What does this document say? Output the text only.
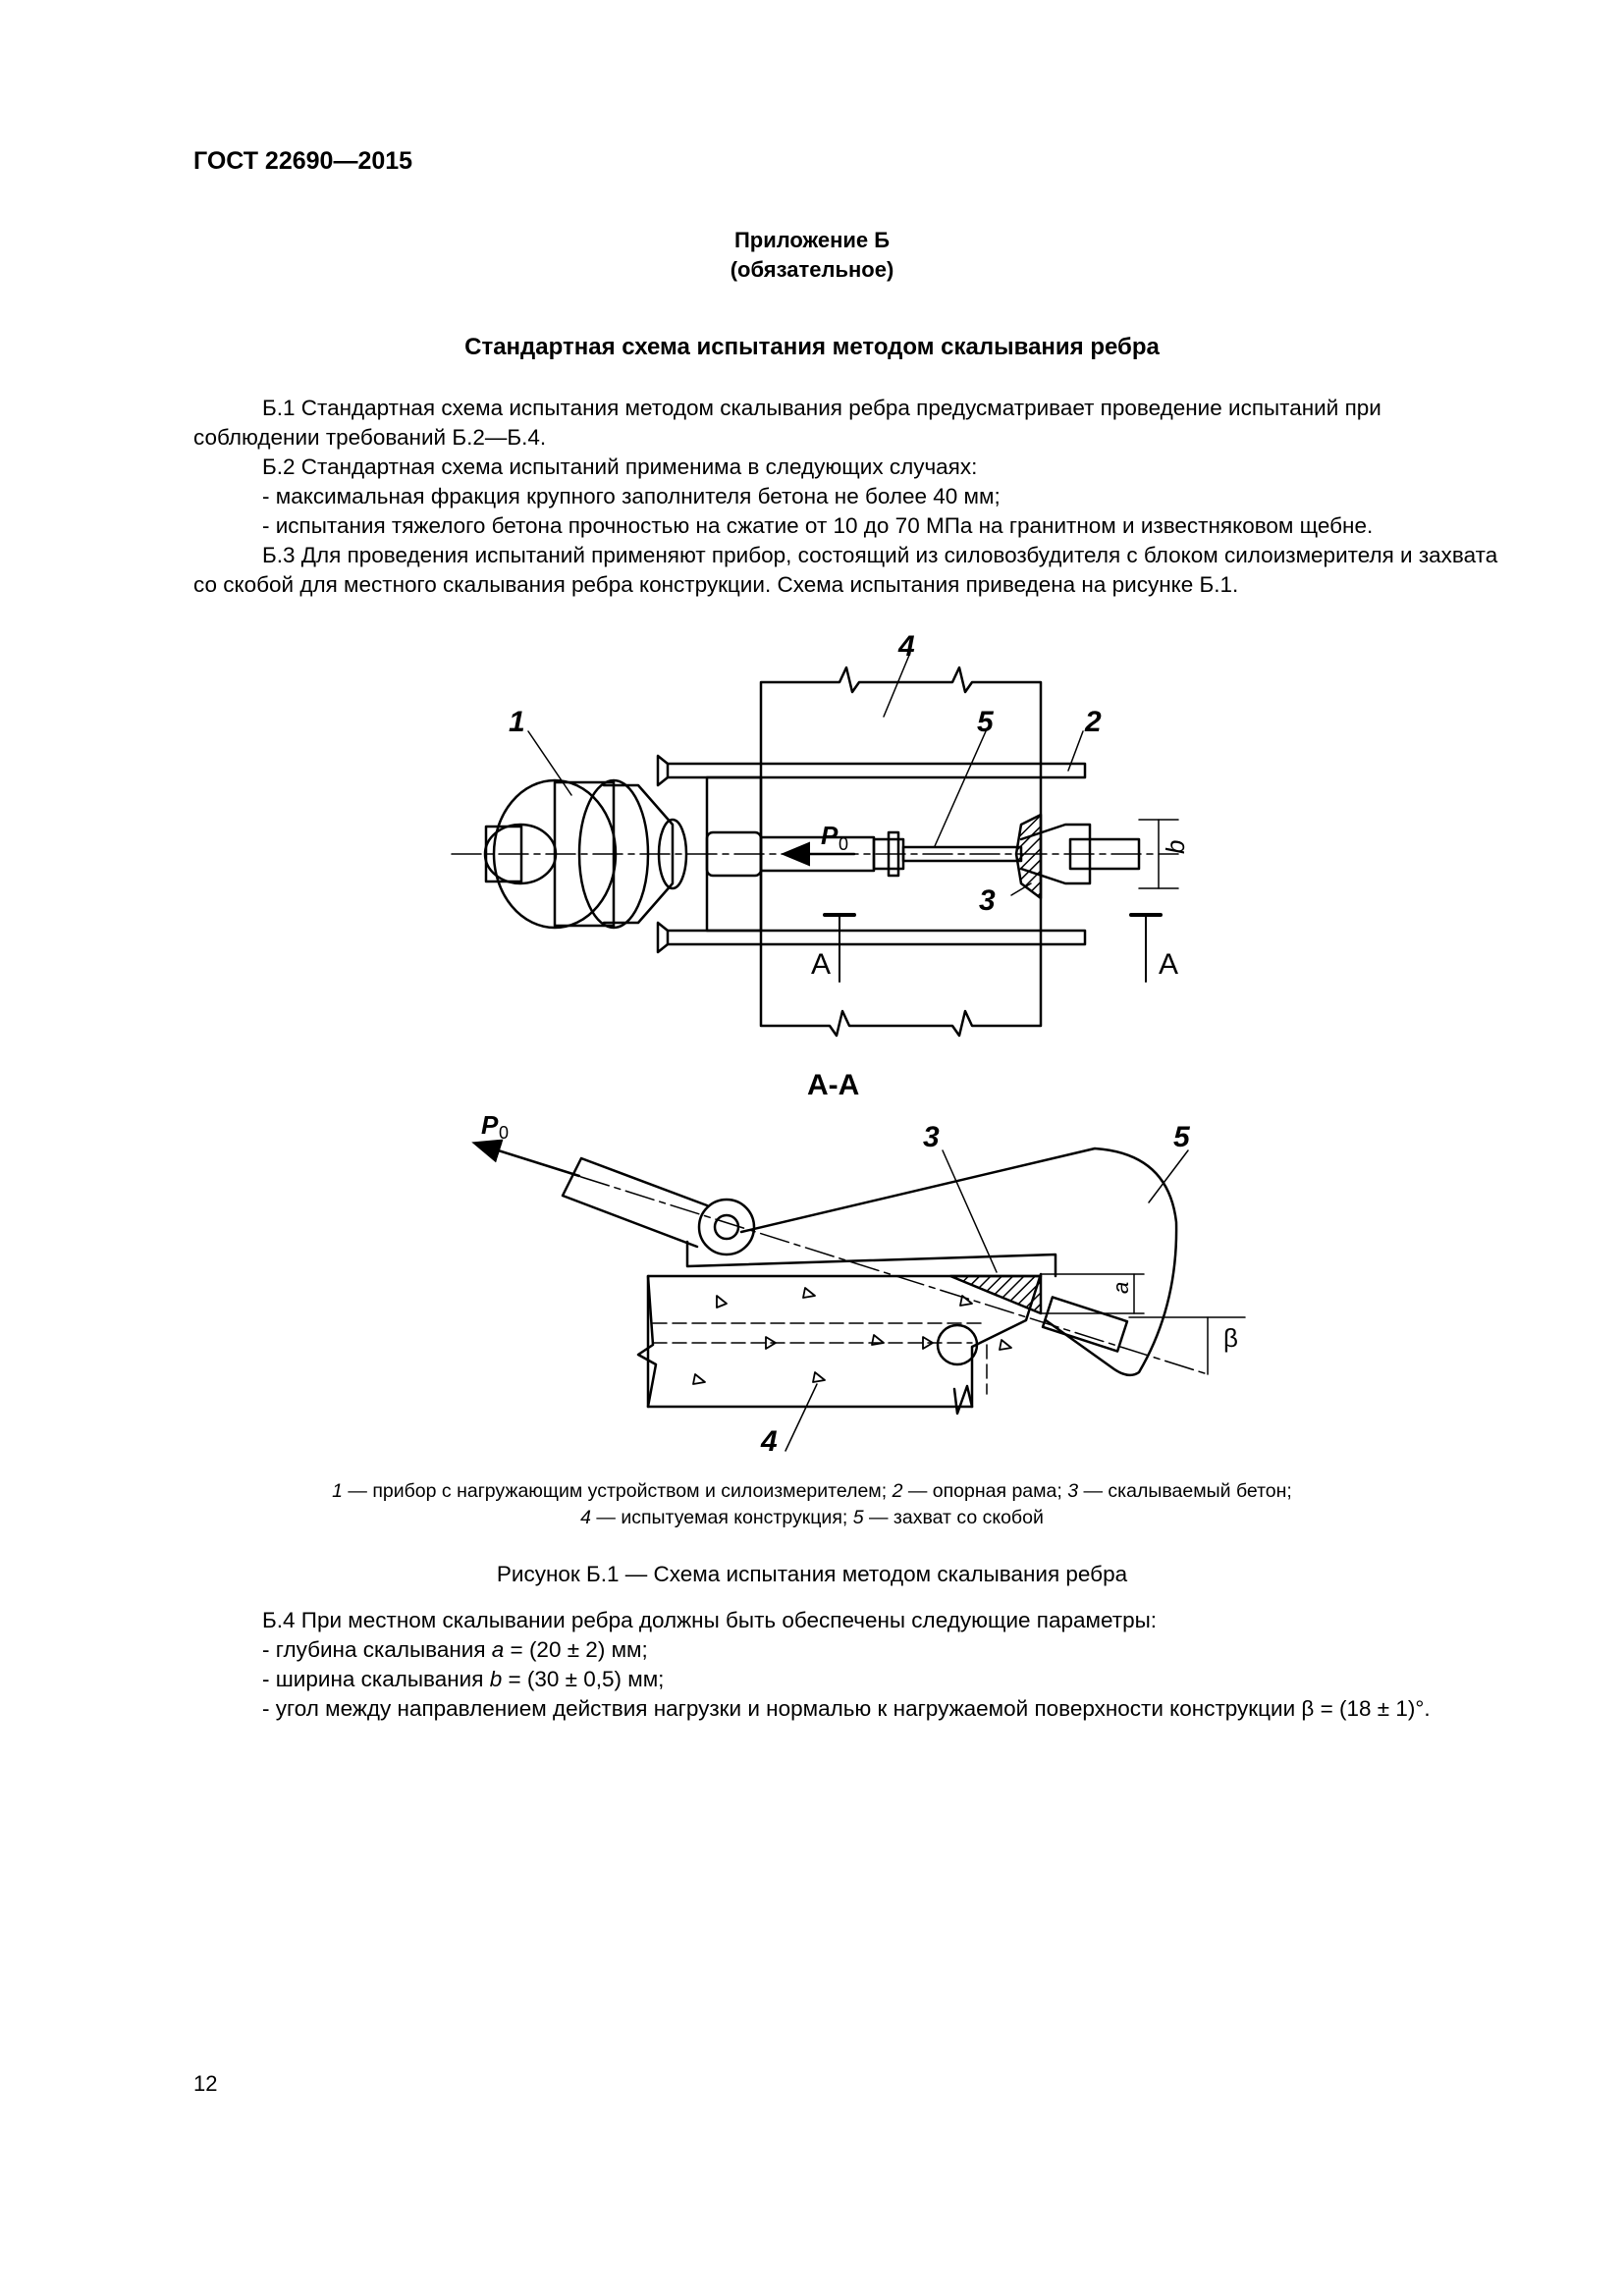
ГОСТ 22690—2015
Приложение Б
(обязательное)
Стандартная схема испытания методом скалывания ребра

Б.1 Стандартная схема испытания методом скалывания ребра предусматривает проведение испытаний при соблюдении требований Б.2—Б.4.

Б.2 Стандартная схема испытаний применима в следующих случаях:

- максимальная фракция крупного заполнителя бетона не более 40 мм;

- испытания тяжелого бетона прочностью на сжатие от 10 до 70 МПа на гранитном и известняковом щебне.

Б.3 Для проведения испытаний применяют прибор, состоящий из силовозбудителя с блоком силоизмерителя и захвата со скобой для местного скалывания ребра конструкции. Схема испытания приведена на рисунке Б.1.

1
4
5	2
3
3	5
4
P 0	b
А	А
А-А
P 0
a
β
1 — прибор с нагружающим устройством и силоизмерителем; 2 — опорная рама; 3 — скалываемый бетон;
4 — испытуемая конструкция; 5 — захват со скобой
Рисунок Б.1 — Схема испытания методом скалывания ребра

Б.4 При местном скалывании ребра должны быть обеспечены следующие параметры:

- глубина скалывания a = (20 ± 2) мм;

- ширина скалывания b = (30 ± 0,5) мм;

- угол между направлением действия нагрузки и нормалью к нагружаемой поверхности конструкции β = (18 ± 1)°.

12
